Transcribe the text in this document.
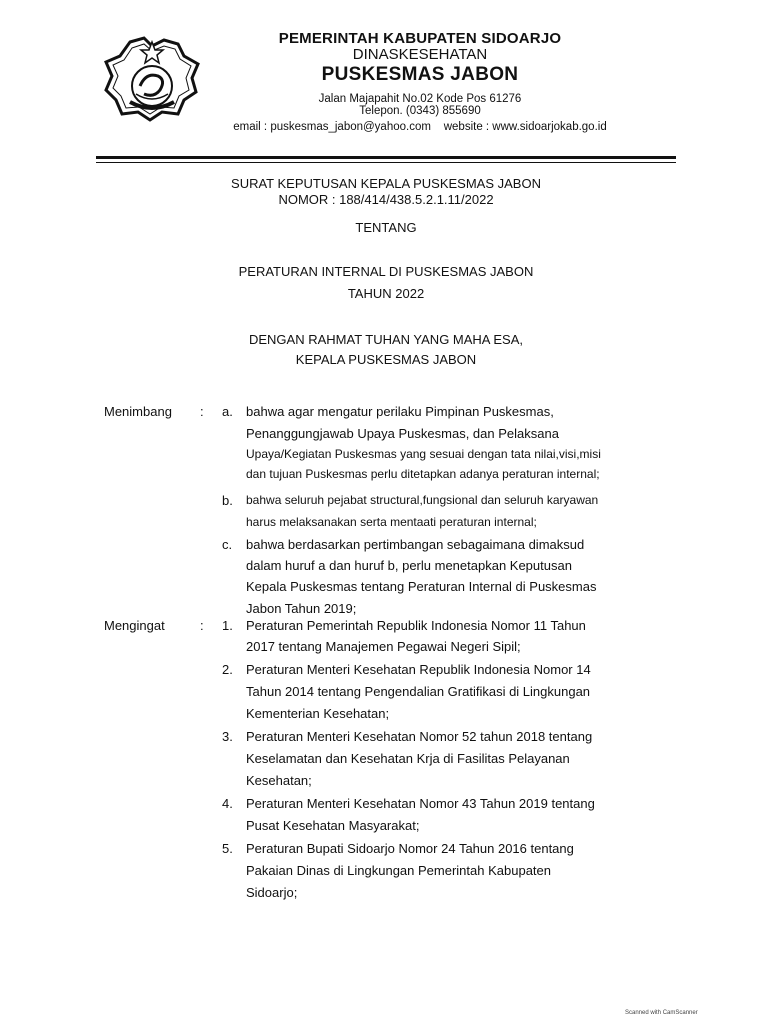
PEMERINTAH KABUPATEN SIDOARJO
DINASKESEHATAN
PUSKESMAS JABON
Jalan Majapahit No.02 Kode Pos 61276
Telepon. (0343) 855690
email : puskesmas_jabon@yahoo.com    website : www.sidoarjokab.go.id
SURAT KEPUTUSAN KEPALA PUSKESMAS JABON
NOMOR : 188/414/438.5.2.1.11/2022
TENTANG
PERATURAN INTERNAL DI PUSKESMAS JABON
TAHUN 2022
DENGAN RAHMAT TUHAN YANG MAHA ESA,
KEPALA PUSKESMAS JABON
Menimbang : a.	bahwa agar mengatur perilaku Pimpinan Puskesmas,
Penanggungjawab Upaya Puskesmas, dan Pelaksana
Upaya/Kegiatan Puskesmas yang sesuai dengan tata nilai,visi,misi
dan tujuan Puskesmas perlu ditetapkan adanya peraturan internal;
b.	bahwa seluruh pejabat structural,fungsional dan seluruh karyawan
harus melaksanakan serta mentaati peraturan internal;
c.	bahwa berdasarkan pertimbangan sebagaimana dimaksud
dalam huruf a dan huruf b, perlu menetapkan Keputusan
Kepala Puskesmas tentang Peraturan Internal di Puskesmas
Jabon Tahun 2019;
Mengingat	: 1.	Peraturan Pemerintah Republik Indonesia Nomor 11 Tahun
2017 tentang Manajemen Pegawai Negeri Sipil;
2.	Peraturan Menteri Kesehatan Republik Indonesia Nomor 14
Tahun 2014 tentang Pengendalian Gratifikasi di Lingkungan
Kementerian Kesehatan;
3.	Peraturan Menteri Kesehatan Nomor 52 tahun 2018 tentang
Keselamatan dan Kesehatan Krja di Fasilitas Pelayanan
Kesehatan;
4.	Peraturan Menteri Kesehatan Nomor 43 Tahun 2019 tentang
Pusat Kesehatan Masyarakat;
5.	Peraturan Bupati Sidoarjo Nomor 24 Tahun 2016 tentang
Pakaian Dinas di Lingkungan Pemerintah Kabupaten
Sidoarjo;
Scanned with CamScanner
